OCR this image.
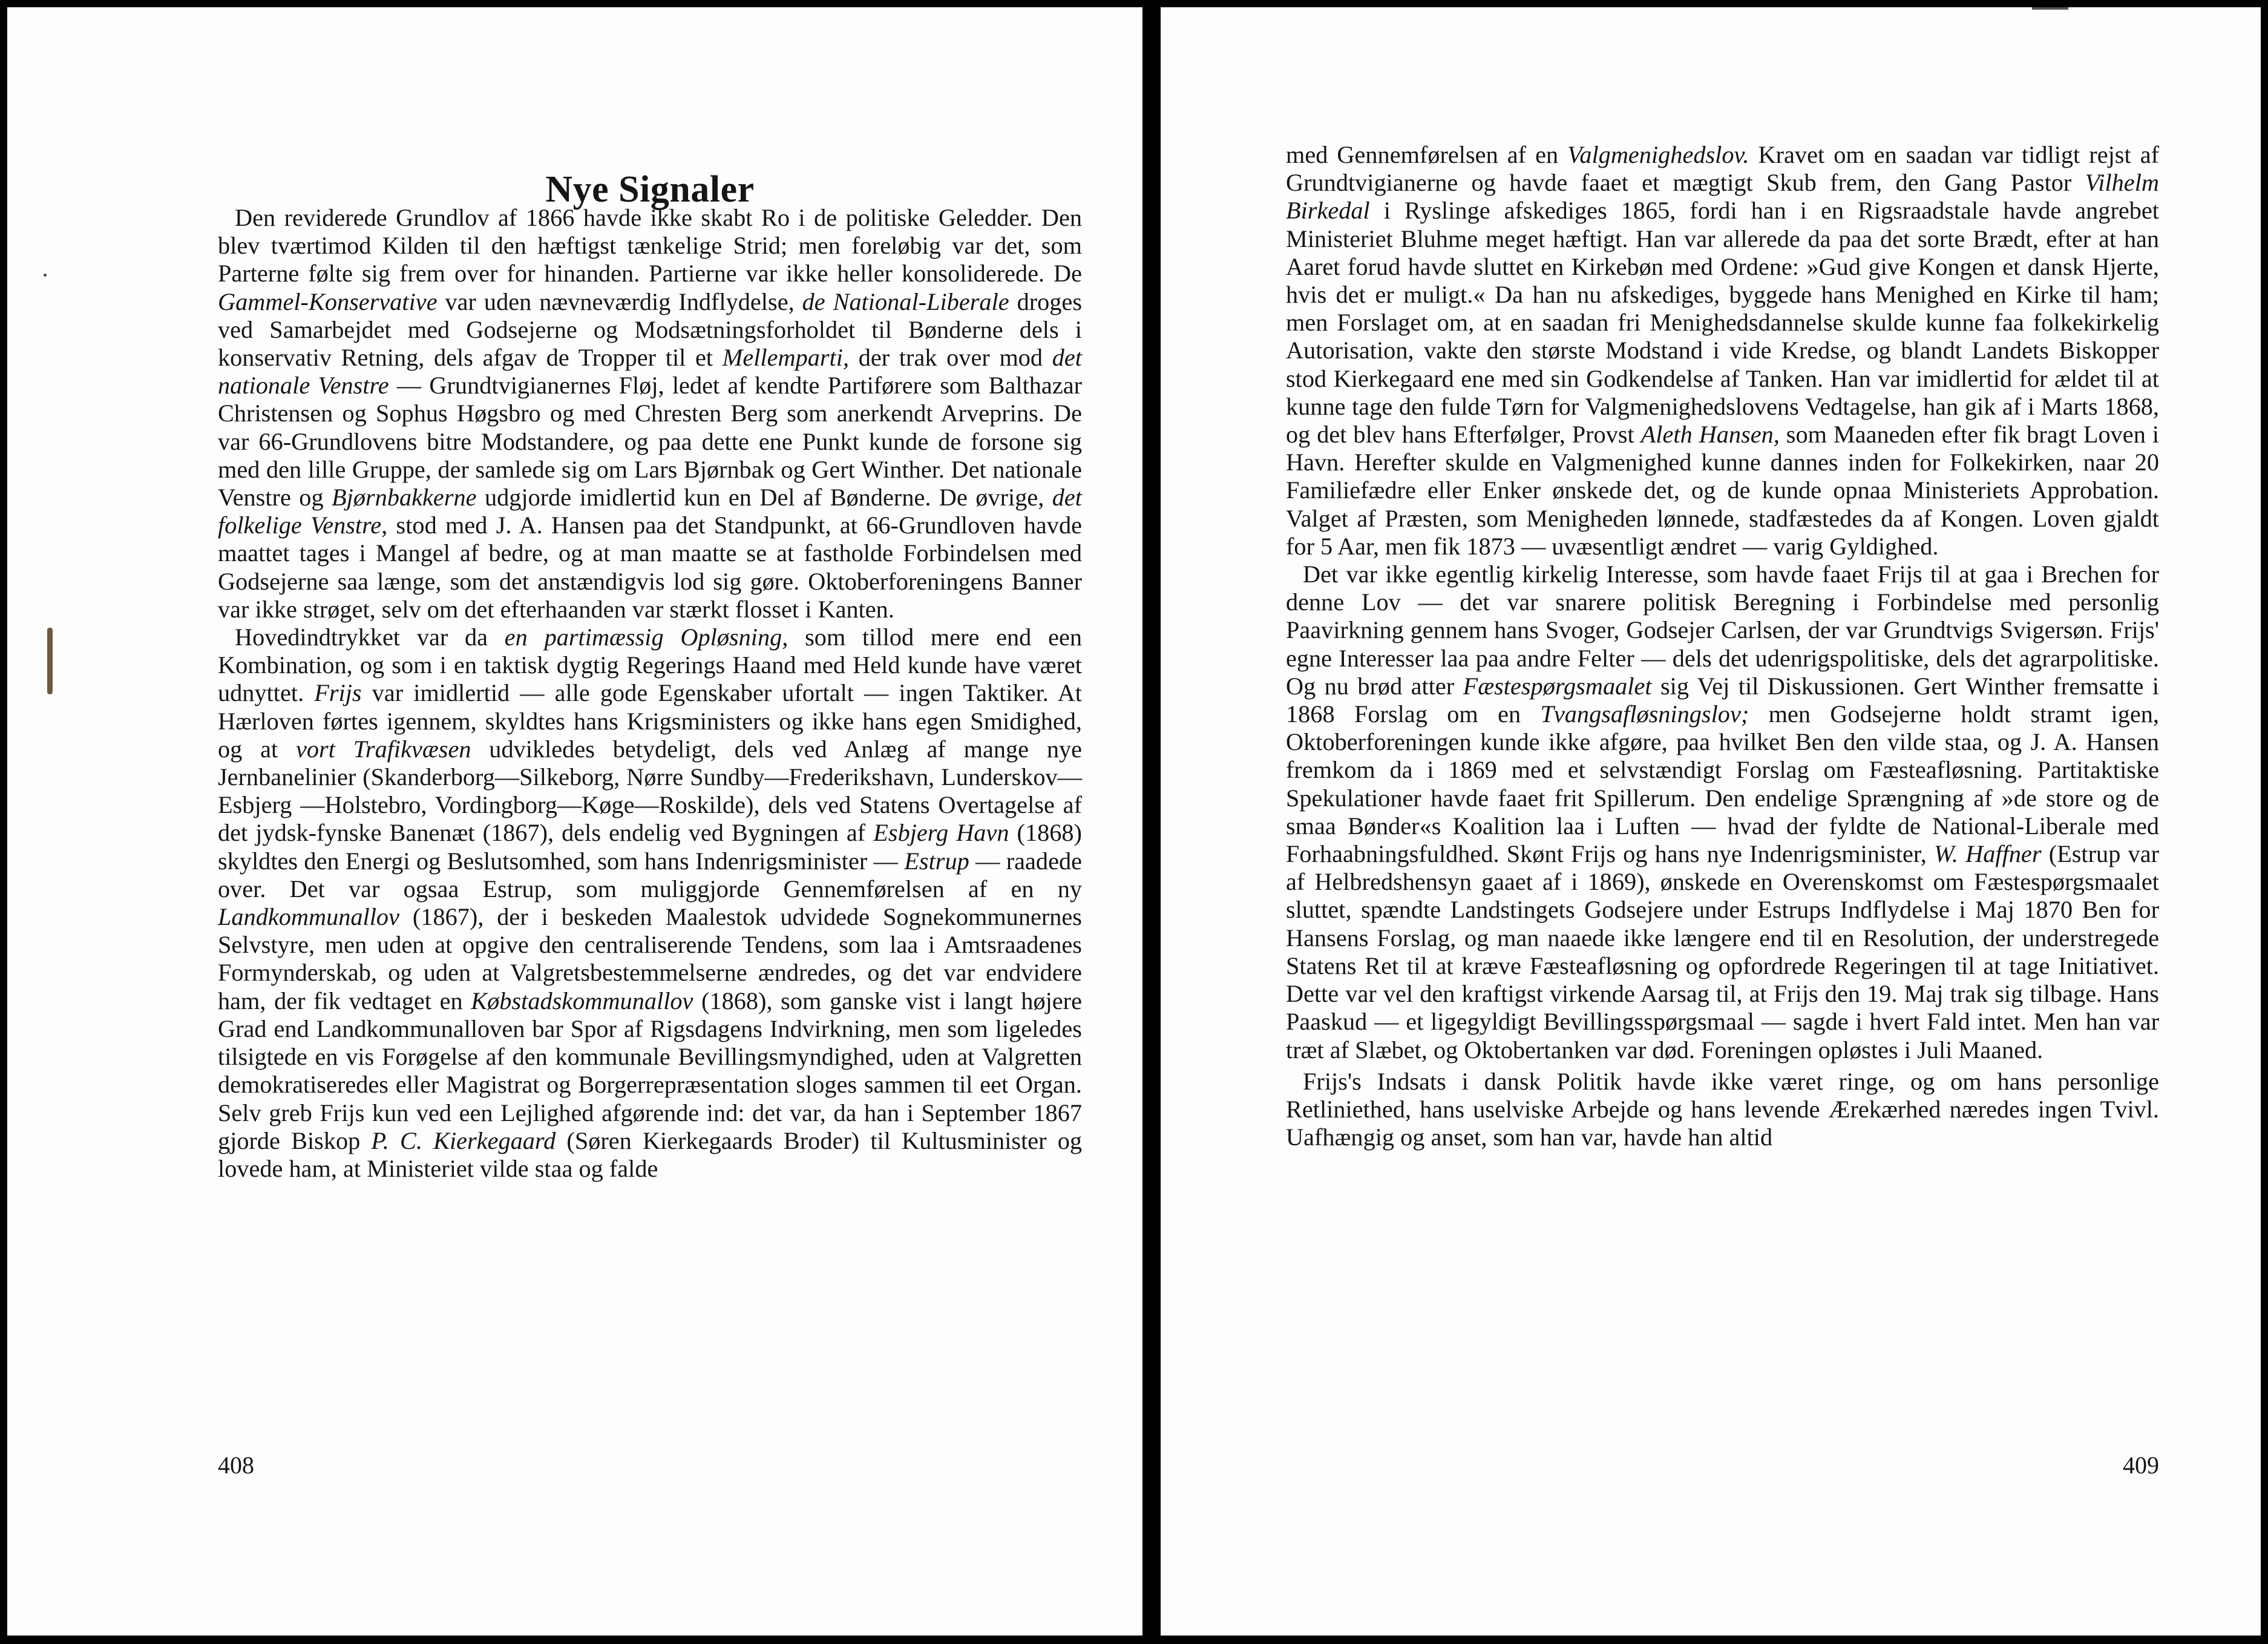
Nye Signaler

Den reviderede Grundlov af 1866 havde ikke skabt Ro i de politiske Geledder. Den blev tværtimod Kilden til den hæftigst tænkelige Strid; men foreløbig var det, som Parterne følte sig frem over for hinanden. Partierne var ikke heller konsoliderede. De Gammel-Konservative var uden nævneværdig Indflydelse, de National-Liberale droges ved Samarbejdet med Godsejerne og Modsætningsforholdet til Bønderne dels i konservativ Retning, dels afgav de Tropper til et Mellemparti, der trak over mod det nationale Venstre — Grundtvigianernes Fløj, ledet af kendte Partiførere som Balthazar Christensen og Sophus Høgsbro og med Chresten Berg som anerkendt Arveprins. De var 66-Grundlovens bitre Modstandere, og paa dette ene Punkt kunde de forsone sig med den lille Gruppe, der samlede sig om Lars Bjørnbak og Gert Winther. Det nationale Venstre og Bjørnbakkerne udgjorde imidlertid kun en Del af Bønderne. De øvrige, det folkelige Venstre, stod med J. A. Hansen paa det Standpunkt, at 66-Grundloven havde maattet tages i Mangel af bedre, og at man maatte se at fastholde Forbindelsen med Godsejerne saa længe, som det anstændigvis lod sig gøre. Oktoberforeningens Banner var ikke strøget, selv om det efterhaanden var stærkt flosset i Kanten.

Hovedindtrykket var da en partimæssig Opløsning, som tillod mere end een Kombination, og som i en taktisk dygtig Regerings Haand med Held kunde have været udnyttet. Frijs var imidlertid — alle gode Egenskaber ufortalt — ingen Taktiker. At Hærloven førtes igennem, skyldtes hans Krigsministers og ikke hans egen Smidighed, og at vort Trafikvæsen udvikledes betydeligt, dels ved Anlæg af mange nye Jernbanelinier (Skanderborg—Silkeborg, Nørre Sundby—Frederikshavn, Lunderskov—Esbjerg —Holstebro, Vordingborg—Køge—Roskilde), dels ved Statens Overtagelse af det jydsk-fynske Banenæt (1867), dels endelig ved Bygningen af Esbjerg Havn (1868) skyldtes den Energi og Beslutsomhed, som hans Indenrigsminister — Estrup — raadede over. Det var ogsaa Estrup, som muliggjorde Gennemførelsen af en ny Landkommunallov (1867), der i beskeden Maalestok udvidede Sognekommunernes Selvstyre, men uden at opgive den centraliserende Tendens, som laa i Amtsraadenes Formynderskab, og uden at Valgretsbestemmelserne ændredes, og det var endvidere ham, der fik vedtaget en Købstadskommunallov (1868), som ganske vist i langt højere Grad end Landkommunalloven bar Spor af Rigsdagens Indvirkning, men som ligeledes tilsigtede en vis Forøgelse af den kommunale Bevillingsmyndighed, uden at Valgretten demokratiseredes eller Magistrat og Borgerrepræsentation sloges sammen til eet Organ. Selv greb Frijs kun ved een Lejlighed afgørende ind: det var, da han i September 1867 gjorde Biskop P. C. Kierkegaard (Søren Kierkegaards Broder) til Kultusminister og lovede ham, at Ministeriet vilde staa og falde

408

med Gennemførelsen af en Valgmenighedslov. Kravet om en saadan var tidligt rejst af Grundtvigianerne og havde faaet et mægtigt Skub frem, den Gang Pastor Vilhelm Birkedal i Ryslinge afskediges 1865, fordi han i en Rigsraadstale havde angrebet Ministeriet Bluhme meget hæftigt. Han var allerede da paa det sorte Brædt, efter at han Aaret forud havde sluttet en Kirkebøn med Ordene: »Gud give Kongen et dansk Hjerte, hvis det er muligt.« Da han nu afskediges, byggede hans Menighed en Kirke til ham; men Forslaget om, at en saadan fri Menighedsdannelse skulde kunne faa folkekirkelig Autorisation, vakte den største Modstand i vide Kredse, og blandt Landets Biskopper stod Kierkegaard ene med sin Godkendelse af Tanken. Han var imidlertid for ældet til at kunne tage den fulde Tørn for Valgmenighedslovens Vedtagelse, han gik af i Marts 1868, og det blev hans Efterfølger, Provst Aleth Hansen, som Maaneden efter fik bragt Loven i Havn. Herefter skulde en Valgmenighed kunne dannes inden for Folkekirken, naar 20 Familiefædre eller Enker ønskede det, og de kunde opnaa Ministeriets Approbation. Valget af Præsten, som Menigheden lønnede, stadfæstedes da af Kongen. Loven gjaldt for 5 Aar, men fik 1873 — uvæsentligt ændret — varig Gyldighed.

Det var ikke egentlig kirkelig Interesse, som havde faaet Frijs til at gaa i Brechen for denne Lov — det var snarere politisk Beregning i Forbindelse med personlig Paavirkning gennem hans Svoger, Godsejer Carlsen, der var Grundtvigs Svigersøn. Frijs' egne Interesser laa paa andre Felter — dels det udenrigspolitiske, dels det agrarpolitiske. Og nu brød atter Fæstespørgsmaalet sig Vej til Diskussionen. Gert Winther fremsatte i 1868 Forslag om en Tvangsafløsningslov; men Godsejerne holdt stramt igen, Oktoberforeningen kunde ikke afgøre, paa hvilket Ben den vilde staa, og J. A. Hansen fremkom da i 1869 med et selvstændigt Forslag om Fæsteafløsning. Partitaktiske Spekulationer havde faaet frit Spillerum. Den endelige Sprængning af »de store og de smaa Bønder«s Koalition laa i Luften — hvad der fyldte de National-Liberale med Forhaabningsfuldhed. Skønt Frijs og hans nye Indenrigsminister, W. Haffner (Estrup var af Helbredshensyn gaaet af i 1869), ønskede en Overenskomst om Fæstespørgsmaalet sluttet, spændte Landstingets Godsejere under Estrups Indflydelse i Maj 1870 Ben for Hansens Forslag, og man naaede ikke længere end til en Resolution, der understregede Statens Ret til at kræve Fæsteafløsning og opfordrede Regeringen til at tage Initiativet. Dette var vel den kraftigst virkende Aarsag til, at Frijs den 19. Maj trak sig tilbage. Hans Paaskud — et ligegyldigt Bevillingsspørgsmaal — sagde i hvert Fald intet. Men han var træt af Slæbet, og Oktobertanken var død. Foreningen opløstes i Juli Maaned.

Frijs's Indsats i dansk Politik havde ikke været ringe, og om hans personlige Retliniethed, hans uselviske Arbejde og hans levende Ærekærhed næredes ingen Tvivl. Uafhængig og anset, som han var, havde han altid

409
